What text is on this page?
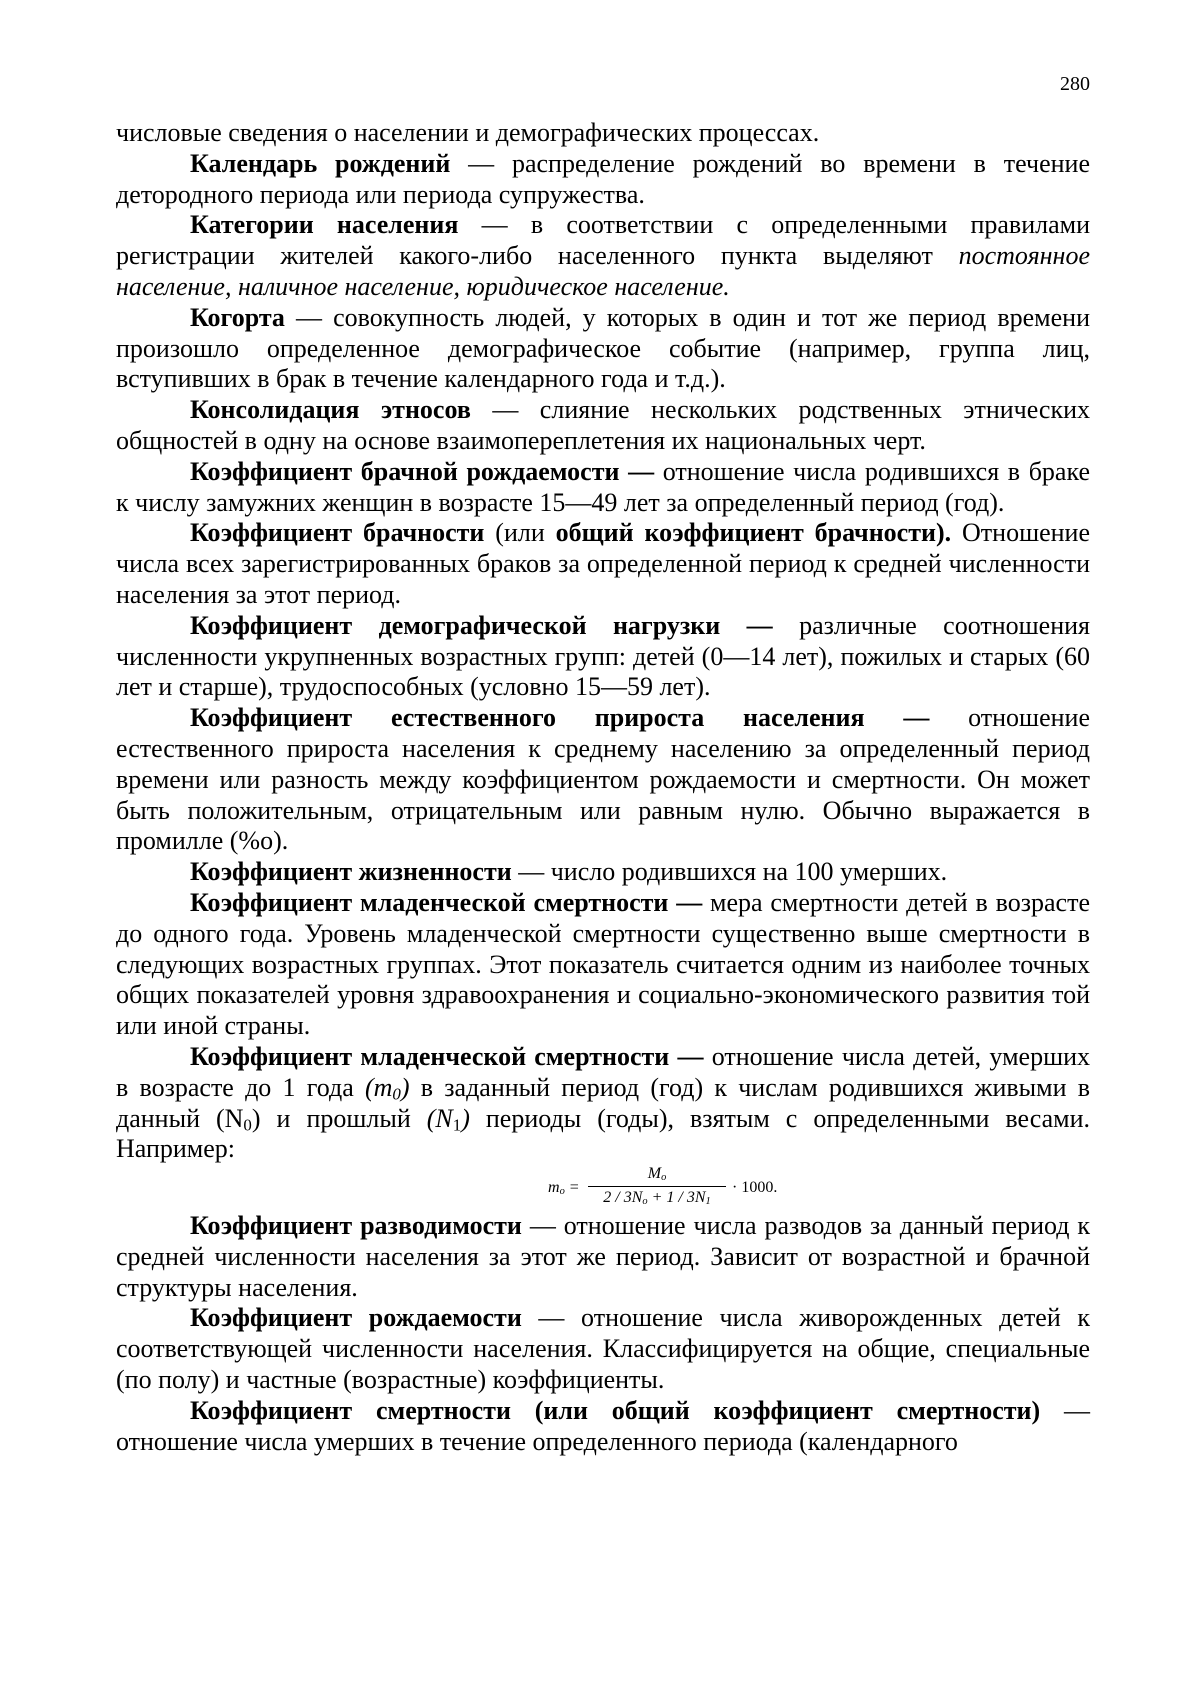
280

числовые сведения о населении и демографических процессах.

Календарь рождений — распределение рождений во времени в течение детородного периода или периода супружества.

Категории населения — в соответствии с определенными правилами регистрации жителей какого-либо населенного пункта выделяют постоянное население, наличное население, юридическое население.

Когорта — совокупность людей, у которых в один и тот же период времени произошло определенное демографическое событие (например, группа лиц, вступивших в брак в течение календарного года и т.д.).

Консолидация этносов — слияние нескольких родственных этнических общностей в одну на основе взаимопереплетения их национальных черт.

Коэффициент брачной рождаемости — отношение числа родившихся в браке к числу замужних женщин в возрасте 15—49 лет за определенный период (год).

Коэффициент брачности (или общий коэффициент брачности). Отношение числа всех зарегистрированных браков за определенной период к средней численности населения за этот период.

Коэффициент демографической нагрузки — различные соотношения численности укрупненных возрастных групп: детей (0—14 лет), пожилых и старых (60 лет и старше), трудоспособных (условно 15—59 лет).

Коэффициент естественного прироста населения — отношение естественного прироста населения к среднему населению за определенный период времени или разность между коэффициентом рождаемости и смертности. Он может быть положительным, отрицательным или равным нулю. Обычно выражается в промилле (%о).

Коэффициент жизненности — число родившихся на 100 умерших.

Коэффициент младенческой смертности — мера смертности детей в возрасте до одного года. Уровень младенческой смертности существенно выше смертности в следующих возрастных группах. Этот показатель считается одним из наиболее точных общих показателей уровня здравоохранения и социально-экономического развития той или иной страны.

Коэффициент младенческой смертности — отношение числа детей, умерших в возрасте до 1 года $(m_0)$ в заданный период (год) к числам родившихся живыми в данный $(N_0)$ и прошлый $(N_1)$ периоды (годы), взятым с определенными весами. Например:

$m_o$ =
$M_o$
$2 / 3N_o + 1 / 3N_1$
· 1000.

Коэффициент разводимости — отношение числа разводов за данный период к средней численности населения за этот же период. Зависит от возрастной и брачной структуры населения.

Коэффициент рождаемости — отношение числа живорожденных детей к соответствующей численности населения. Классифицируется на общие, специальные (по полу) и частные (возрастные) коэффициенты.

Коэффициент смертности (или общий коэффициент смертности) — отношение числа умерших в течение определенного периода (календарного
